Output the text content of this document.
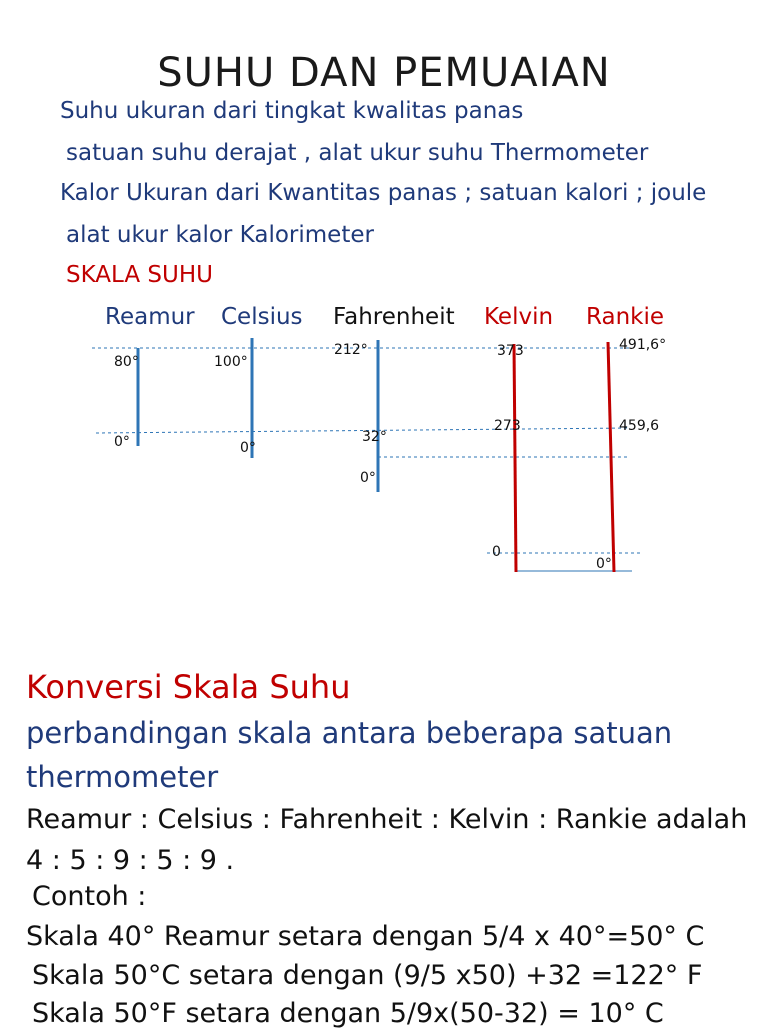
SUHU DAN PEMUAIAN
Suhu ukuran dari tingkat kwalitas panas
satuan suhu derajat , alat ukur suhu Thermometer
Kalor Ukuran dari Kwantitas panas ; satuan kalori ; joule
alat ukur kalor Kalorimeter
SKALA SUHU
Reamur Celsius Fahrenheit Kelvin Rankie
80°
0°
100°
0°
212°
32°
0°
373
273
0
491,6°
459,6
0°
Konversi Skala Suhu
perbandingan skala antara beberapa satuan
thermometer
Reamur : Celsius : Fahrenheit : Kelvin : Rankie adalah
4 : 5 : 9 : 5 : 9 .
Contoh :
Skala 40° Reamur setara dengan 5/4 x 40°=50° C
Skala 50°C setara dengan (9/5 x50) +32 =122° F
Skala 50°F setara dengan 5/9x(50-32) = 10° C
